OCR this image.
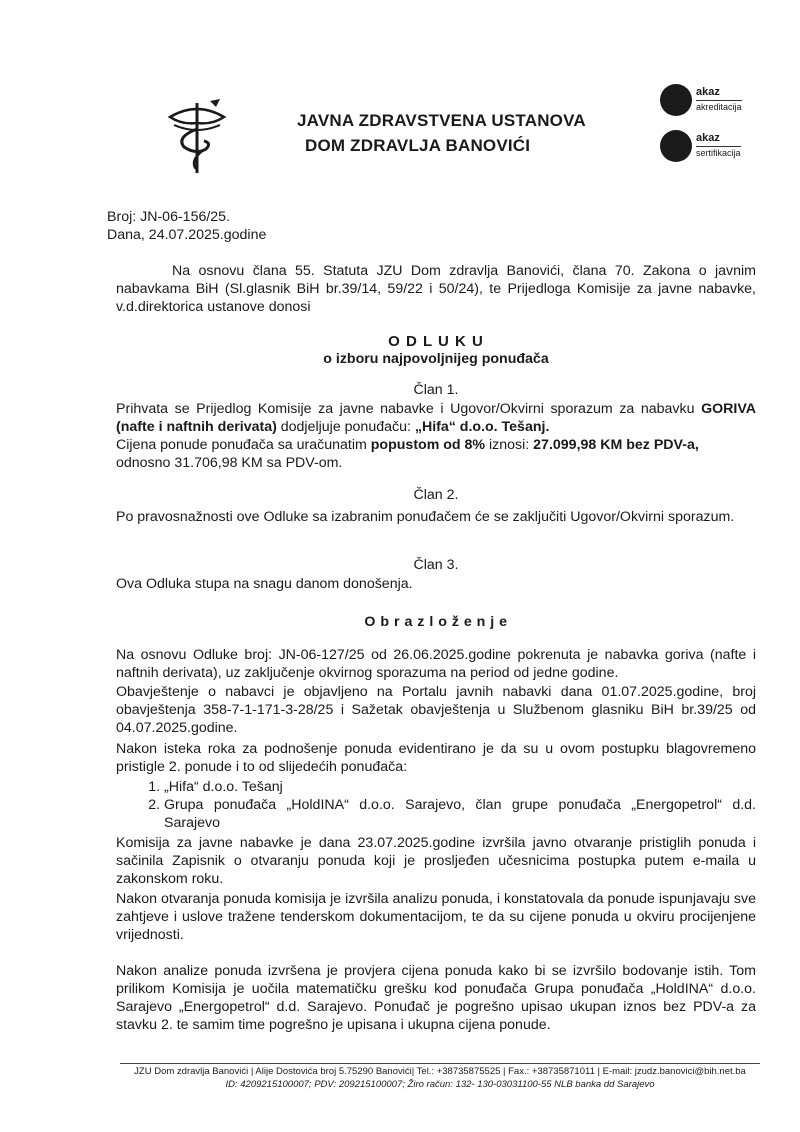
JAVNA ZDRAVSTVENA USTANOVA
DOM ZDRAVLJA BANOVIĆI
akaz
akreditacija
akaz
sertifikacija
Broj: JN-06-156/25.
Dana, 24.07.2025.godine
Na osnovu člana 55. Statuta JZU Dom zdravlja Banovići, člana 70. Zakona o javnim nabavkama BiH (Sl.glasnik BiH br.39/14, 59/22 i 50/24), te Prijedloga Komisije za javne nabavke, v.d.direktorica ustanove donosi
O D L U K U
o izboru najpovoljnijeg ponuđača
Član 1.
Prihvata se Prijedlog Komisije za javne nabavke i Ugovor/Okvirni sporazum za nabavku GORIVA (nafte i naftnih derivata) dodjeljuje ponuđaču: „Hifa“ d.o.o. Tešanj.
Cijena ponude ponuđača sa uračunatim popustom od 8% iznosi: 27.099,98 KM bez PDV-a,
odnosno 31.706,98 KM sa PDV-om.
Član 2.
Po pravosnažnosti ove Odluke sa izabranim ponuđačem će se zaključiti Ugovor/Okvirni sporazum.
Član 3.
Ova Odluka stupa na snagu danom donošenja.
O b r a z l o ž e n j e
Na osnovu Odluke broj: JN-06-127/25 od 26.06.2025.godine pokrenuta je nabavka goriva (nafte i naftnih derivata), uz zaključenje okvirnog sporazuma na period od jedne godine.
Obavještenje o nabavci je objavljeno na Portalu javnih nabavki dana 01.07.2025.godine, broj obavještenja 358-7-1-171-3-28/25 i Sažetak obavještenja u Službenom glasniku BiH br.39/25 od 04.07.2025.godine.
Nakon isteka roka za podnošenje ponuda evidentirano je da su u ovom postupku blagovremeno pristigle 2. ponude i to od slijedećih ponuđača:
1. „Hifa“ d.o.o. Tešanj
2. Grupa ponuđača „HoldINA“ d.o.o. Sarajevo, član grupe ponuđača „Energopetrol“ d.d. Sarajevo
Komisija za javne nabavke je dana 23.07.2025.godine izvršila javno otvaranje pristiglih ponuda i sačinila Zapisnik o otvaranju ponuda koji je prosljeđen učesnicima postupka putem e-maila u zakonskom roku.
Nakon otvaranja ponuda komisija je izvršila analizu ponuda, i konstatovala da ponude ispunjavaju sve zahtjeve i uslove tražene tenderskom dokumentacijom, te da su cijene ponuda u okviru procijenjene vrijednosti.
Nakon analize ponuda izvršena je provjera cijena ponuda kako bi se izvršilo bodovanje istih. Tom prilikom Komisija je uočila matematičku grešku kod ponuđača Grupa ponuđača „HoldINA“ d.o.o. Sarajevo „Energopetrol“ d.d. Sarajevo. Ponuđač je pogrešno upisao ukupan iznos bez PDV-a za stavku 2. te samim time pogrešno je upisana i ukupna cijena ponude.
JZU Dom zdravlja Banovići | Alije Dostovića broj 5.75290 Banovići| Tel.: +38735875525 | Fax.: +38735871011 | E-mail: jzudz.banovici@bih.net.ba
ID: 4209215100007; PDV: 209215100007; Žiro račun: 132- 130-03031100-55 NLB banka dd Sarajevo
